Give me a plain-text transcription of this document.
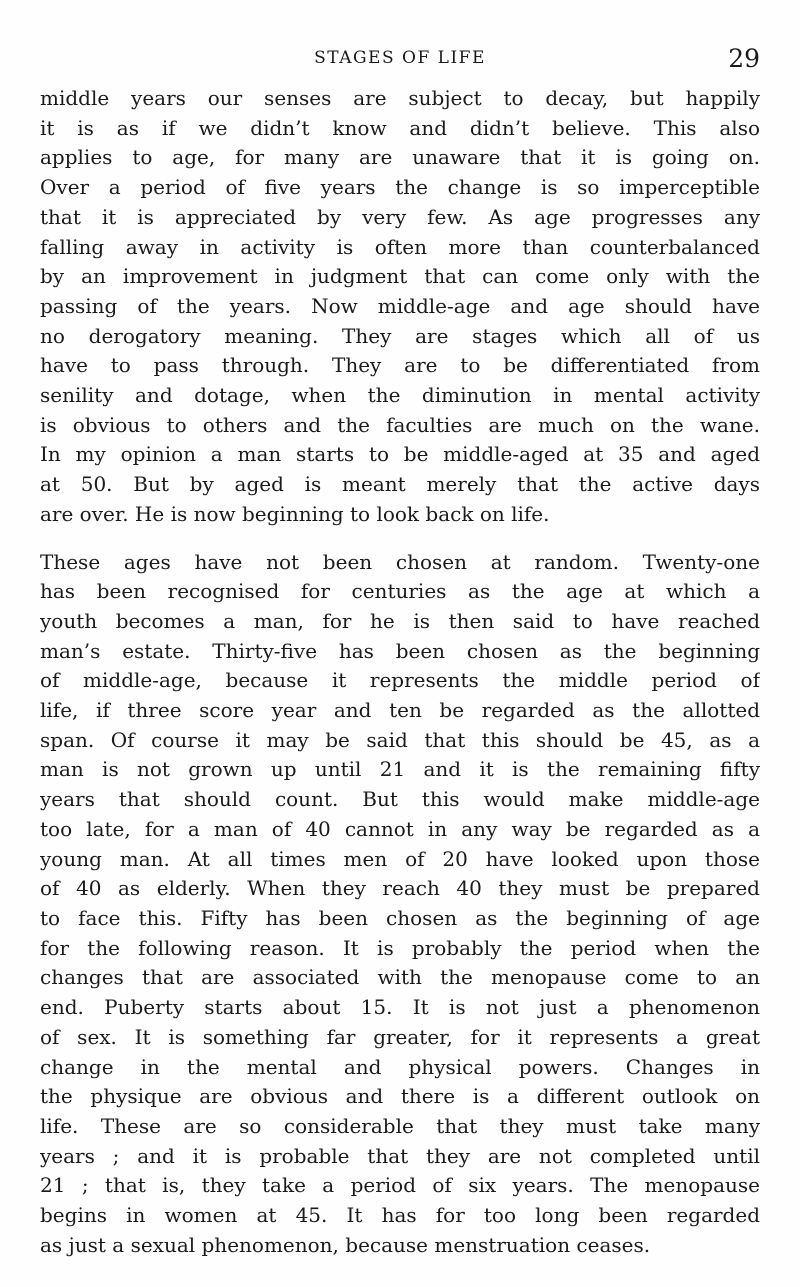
STAGES OF LIFE	29

middle years our senses are subject to decay, but happily
it is as if we didn’t know and didn’t believe. This also
applies to age, for many are unaware that it is going on.
Over a period of five years the change is so imperceptible
that it is appreciated by very few. As age progresses any
falling away in activity is often more than counterbalanced
by an improvement in judgment that can come only with the
passing of the years. Now middle-age and age should have
no derogatory meaning. They are stages which all of us
have to pass through. They are to be differentiated from
senility and dotage, when the diminution in mental activity
is obvious to others and the faculties are much on the wane.
In my opinion a man starts to be middle-aged at 35 and aged
at 50. But by aged is meant merely that the active days
are over. He is now beginning to look back on life.

These ages have not been chosen at random. Twenty-one
has been recognised for centuries as the age at which a
youth becomes a man, for he is then said to have reached
man’s estate. Thirty-five has been chosen as the beginning
of middle-age, because it represents the middle period of
life, if three score year and ten be regarded as the allotted
span. Of course it may be said that this should be 45, as a
man is not grown up until 21 and it is the remaining fifty
years that should count. But this would make middle-age
too late, for a man of 40 cannot in any way be regarded as a
young man. At all times men of 20 have looked upon those
of 40 as elderly. When they reach 40 they must be prepared
to face this. Fifty has been chosen as the beginning of age
for the following reason. It is probably the period when the
changes that are associated with the menopause come to an
end. Puberty starts about 15. It is not just a phenomenon
of sex. It is something far greater, for it represents a great
change in the mental and physical powers. Changes in
the physique are obvious and there is a different outlook on
life. These are so considerable that they must take many
years ; and it is probable that they are not completed until
21 ; that is, they take a period of six years. The menopause
begins in women at 45. It has for too long been regarded
as just a sexual phenomenon, because menstruation ceases.
